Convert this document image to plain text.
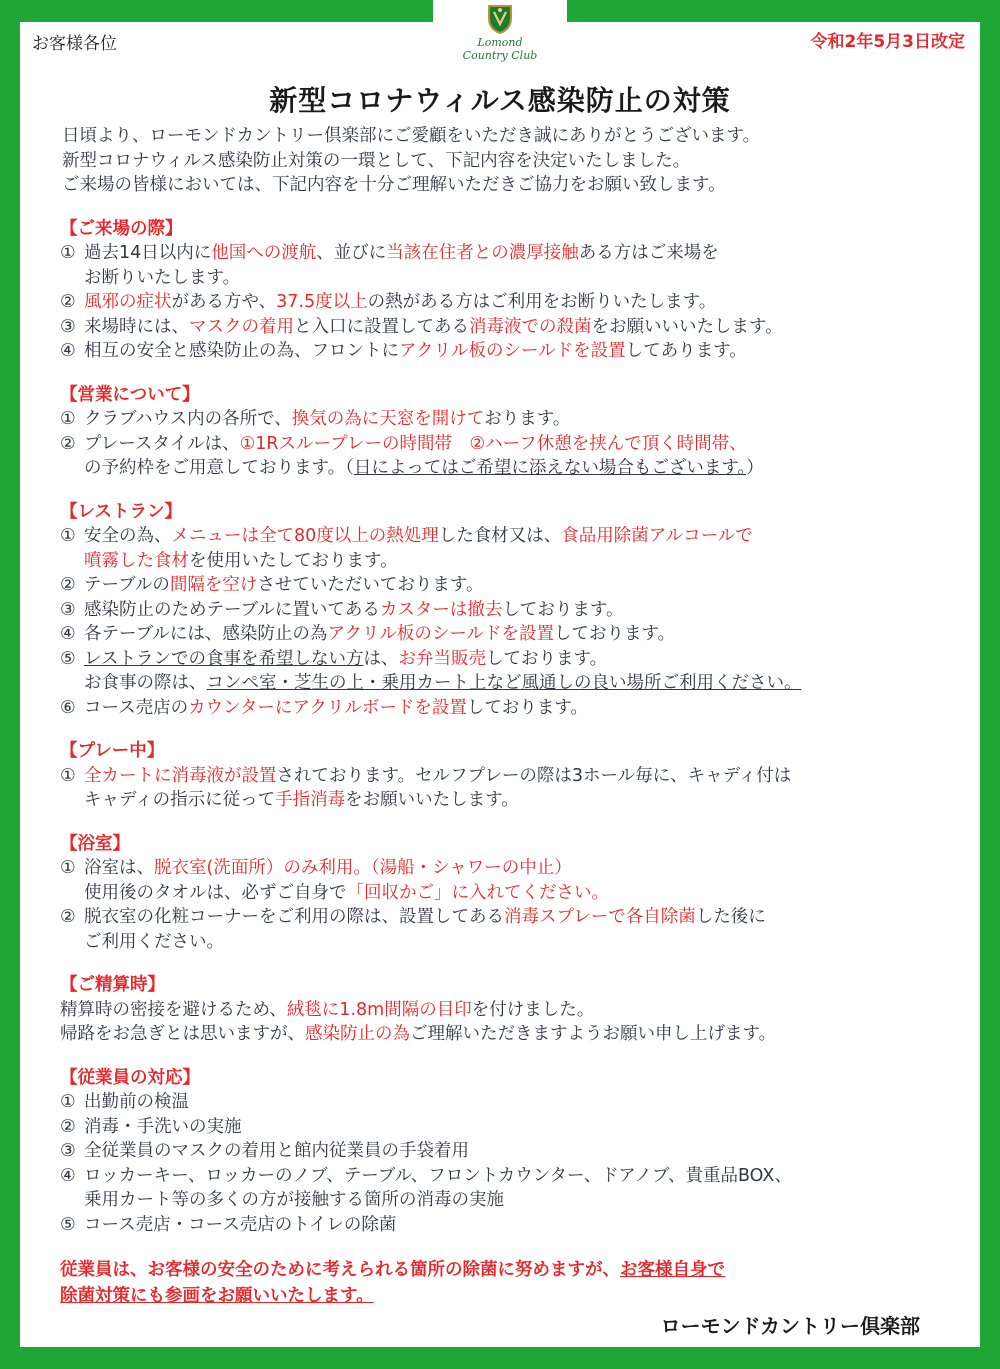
お客様各位	Lomond
Country Club
令和2年5月3日改定
新型コロナウィルス感染防止の対策

日頃より、ローモンドカントリー倶楽部にご愛顧をいただき誠にありがとうございます。

新型コロナウィルス感染防止対策の一環として、下記内容を決定いたしました。

ご来場の皆様においては、下記内容を十分ご理解いただきご協力をお願い致します。

【ご来場の際】
① 過去14日以内に他国への渡航、並びに当該在住者との濃厚接触ある方はご来場を
お断りいたします。
② 風邪の症状がある方や、37.5度以上の熱がある方はご利用をお断りいたします。
③ 来場時には、マスクの着用と入口に設置してある消毒液での殺菌をお願いいいたします。
④ 相互の安全と感染防止の為、フロントにアクリル板のシールドを設置してあります。
【営業について】
① クラブハウス内の各所で、換気の為に天窓を開けております。
② プレースタイルは、①1Rスループレーの時間帯　②ハーフ休憩を挟んで頂く時間帯、
の予約枠をご用意しております。（日によってはご希望に添えない場合もございます。）
【レストラン】
① 安全の為、メニューは全て80度以上の熱処理した食材又は、食品用除菌アルコールで
噴霧した食材を使用いたしております。
② テーブルの間隔を空けさせていただいております。
③ 感染防止のためテーブルに置いてあるカスターは撤去しております。
④ 各テーブルには、感染防止の為アクリル板のシールドを設置しております。
⑤ レストランでの食事を希望しない方は、お弁当販売しております。
お食事の際は、コンペ室・芝生の上・乗用カート上など風通しの良い場所ご利用ください。
⑥ コース売店のカウンターにアクリルボードを設置しております。
【プレー中】
① 全カートに消毒液が設置されております。セルフプレーの際は3ホール毎に、キャディ付は
キャディの指示に従って手指消毒をお願いいたします。
【浴室】
① 浴室は、脱衣室(洗面所）のみ利用。（湯船・シャワーの中止）
使用後のタオルは、必ずご自身で「回収かご」に入れてください。
② 脱衣室の化粧コーナーをご利用の際は、設置してある消毒スプレーで各自除菌した後に
ご利用ください。
【ご精算時】
精算時の密接を避けるため、絨毯に1.8m間隔の目印を付けました。
帰路をお急ぎとは思いますが、感染防止の為ご理解いただきますようお願い申し上げます。
【従業員の対応】
① 出勤前の検温
② 消毒・手洗いの実施
③ 全従業員のマスクの着用と館内従業員の手袋着用
④ ロッカーキー、ロッカーのノブ、テーブル、フロントカウンター、ドアノブ、貴重品BOX、
乗用カート等の多くの方が接触する箇所の消毒の実施
⑤ コース売店・コース売店のトイレの除菌
従業員は、お客様の安全のために考えられる箇所の除菌に努めますが、お客様自身で
除菌対策にも参画をお願いいたします。
ローモンドカントリー倶楽部
